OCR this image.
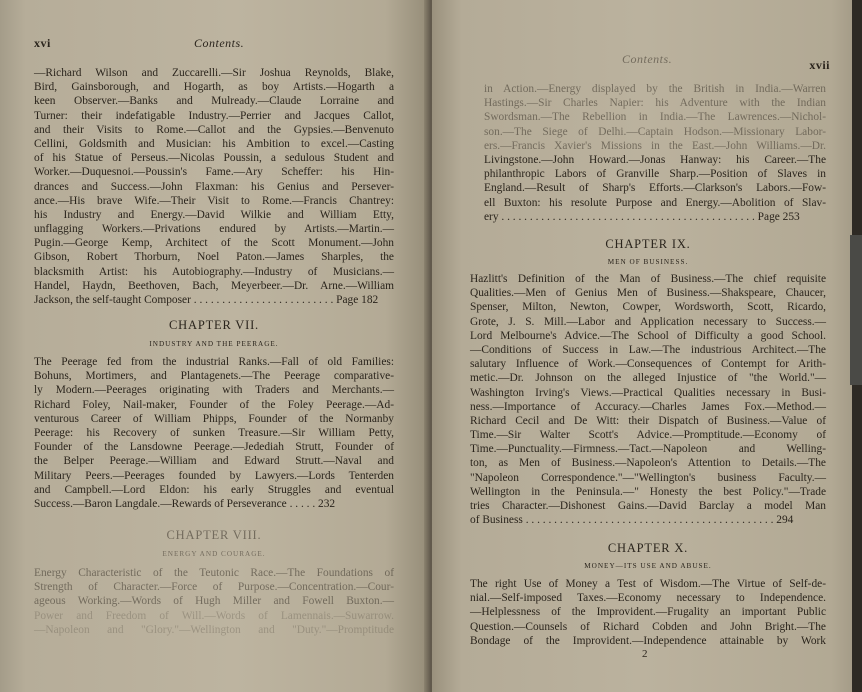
xvi	Contents.
—Richard Wilson and Zuccarelli.—Sir Joshua Reynolds, Blake,
Bird, Gainsborough, and Hogarth, as boy Artists.—Hogarth a
keen Observer.—Banks and Mulready.—Claude Lorraine and
Turner: their indefatigable Industry.—Perrier and Jacques Callot,
and their Visits to Rome.—Callot and the Gypsies.—Benvenuto
Cellini, Goldsmith and Musician: his Ambition to excel.—Casting
of his Statue of Perseus.—Nicolas Poussin, a sedulous Student and
Worker.—Duquesnoi.—Poussin's Fame.—Ary Scheffer: his Hin-
drances and Success.—John Flaxman: his Genius and Persever-
ance.—His brave Wife.—Their Visit to Rome.—Francis Chantrey:
his Industry and Energy.—David Wilkie and William Etty,
unflagging Workers.—Privations endured by Artists.—Martin.—
Pugin.—George Kemp, Architect of the Scott Monument.—John
Gibson, Robert Thorburn, Noel Paton.—James Sharples, the
blacksmith Artist: his Autobiography.—Industry of Musicians.—
Handel, Haydn, Beethoven, Bach, Meyerbeer.—Dr. Arne.—William
Jackson, the self-taught Composer . . . . . . . . . . . . . . . . . . . . . . . . . Page 182
CHAPTER VII.
INDUSTRY AND THE PEERAGE.
The Peerage fed from the industrial Ranks.—Fall of old Families:
Bohuns, Mortimers, and Plantagenets.—The Peerage comparative-
ly Modern.—Peerages originating with Traders and Merchants.—
Richard Foley, Nail-maker, Founder of the Foley Peerage.—Ad-
venturous Career of William Phipps, Founder of the Normanby
Peerage: his Recovery of sunken Treasure.—Sir William Petty,
Founder of the Lansdowne Peerage.—Jedediah Strutt, Founder of
the Belper Peerage.—William and Edward Strutt.—Naval and
Military Peers.—Peerages founded by Lawyers.—Lords Tenterden
and Campbell.—Lord Eldon: his early Struggles and eventual
Success.—Baron Langdale.—Rewards of Perseverance . . . . . 232
CHAPTER VIII.
ENERGY AND COURAGE.
Energy Characteristic of the Teutonic Race.—The Foundations of
Strength of Character.—Force of Purpose.—Concentration.—Cour-
ageous Working.—Words of Hugh Miller and Fowell Buxton.—
Power and Freedom of Will.—Words of Lamennais.—Suwarrow.
—Napoleon and "Glory."—Wellington and "Duty."—Promptitude
Contents.	xvii
in Action.—Energy displayed by the British in India.—Warren
Hastings.—Sir Charles Napier: his Adventure with the Indian
Swordsman.—The Rebellion in India.—The Lawrences.—Nichol-
son.—The Siege of Delhi.—Captain Hodson.—Missionary Labor-
ers.—Francis Xavier's Missions in the East.—John Williams.—Dr.
Livingstone.—John Howard.—Jonas Hanway: his Career.—The
philanthropic Labors of Granville Sharp.—Position of Slaves in
England.—Result of Sharp's Efforts.—Clarkson's Labors.—Fow-
ell Buxton: his resolute Purpose and Energy.—Abolition of Slav-
ery . . . . . . . . . . . . . . . . . . . . . . . . . . . . . . . . . . . . . . . . . . . . . Page 253
CHAPTER IX.
MEN OF BUSINESS.
Hazlitt's Definition of the Man of Business.—The chief requisite
Qualities.—Men of Genius Men of Business.—Shakspeare, Chaucer,
Spenser, Milton, Newton, Cowper, Wordsworth, Scott, Ricardo,
Grote, J. S. Mill.—Labor and Application necessary to Success.—
Lord Melbourne's Advice.—The School of Difficulty a good School.
—Conditions of Success in Law.—The industrious Architect.—The
salutary Influence of Work.—Consequences of Contempt for Arith-
metic.—Dr. Johnson on the alleged Injustice of "the World."—
Washington Irving's Views.—Practical Qualities necessary in Busi-
ness.—Importance of Accuracy.—Charles James Fox.—Method.—
Richard Cecil and De Witt: their Dispatch of Business.—Value of
Time.—Sir Walter Scott's Advice.—Promptitude.—Economy of
Time.—Punctuality.—Firmness.—Tact.—Napoleon and Welling-
ton, as Men of Business.—Napoleon's Attention to Details.—The
"Napoleon Correspondence."—"Wellington's business Faculty.—
Wellington in the Peninsula.—" Honesty the best Policy."—Trade
tries Character.—Dishonest Gains.—David Barclay a model Man
of Business . . . . . . . . . . . . . . . . . . . . . . . . . . . . . . . . . . . . . . . . . . . . 294
CHAPTER X.
MONEY—ITS USE AND ABUSE.
The right Use of Money a Test of Wisdom.—The Virtue of Self-de-
nial.—Self-imposed Taxes.—Economy necessary to Independence.
—Helplessness of the Improvident.—Frugality an important Public
Question.—Counsels of Richard Cobden and John Bright.—The
Bondage of the Improvident.—Independence attainable by Work
2
